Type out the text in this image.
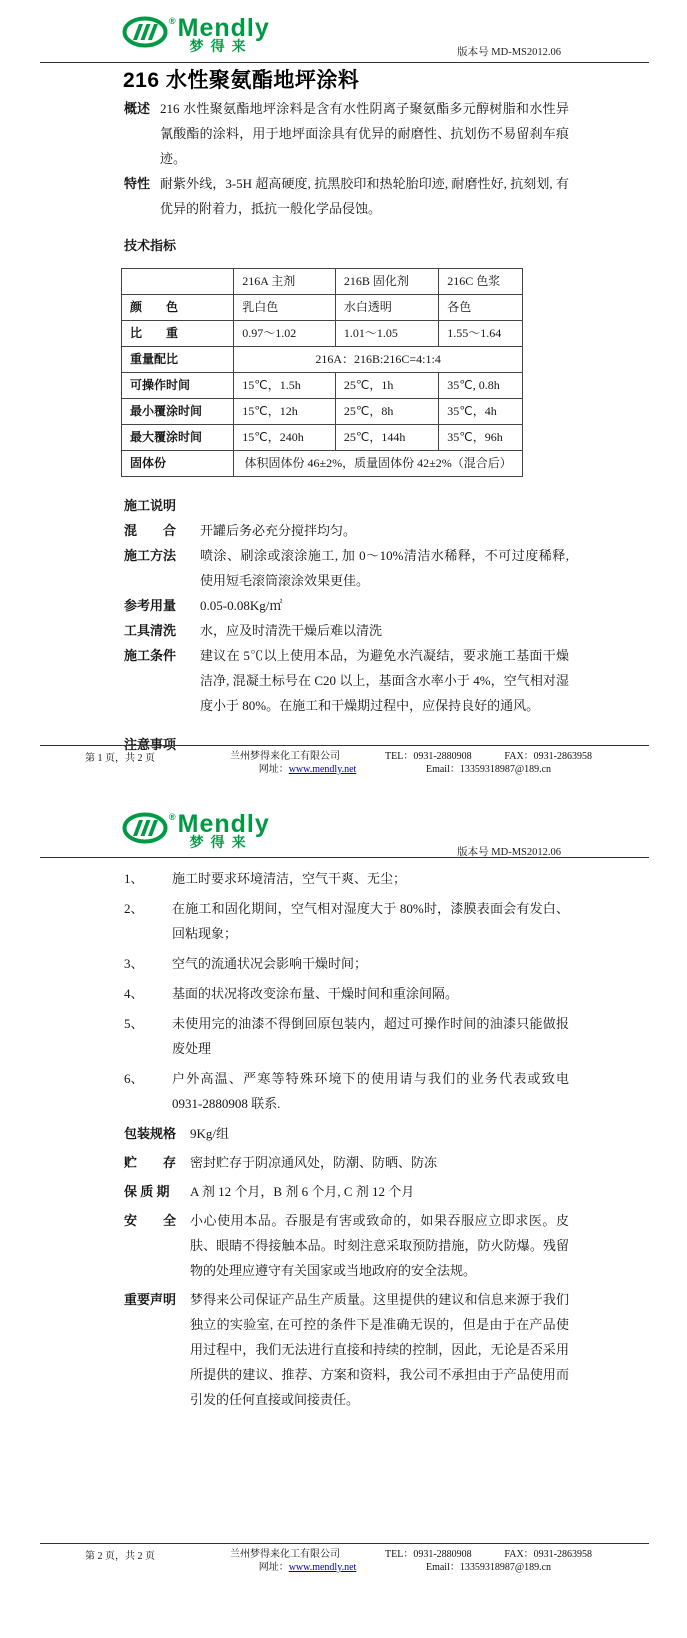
® Mendly
梦得来	版本号 MD-MS2012.06
216 水性聚氨酯地坪涂料
概述 216 水性聚氨酯地坪涂料是含有水性阴离子聚氨酯多元醇树脂和水性异氰酸酯的涂料，用于地坪面涂具有优异的耐磨性、抗划伤不易留刹车痕迹。
特性 耐紫外线，3-5H 超高硬度, 抗黑胶印和热轮胎印迹, 耐磨性好, 抗刻划, 有优异的附着力，抵抗一般化学品侵蚀。
技术指标
	216A 主剂	216B 固化剂	216C 色浆
颜　　色	乳白色	水白透明	各色
比　　重	0.97～1.02	1.01～1.05	1.55～1.64
重量配比	216A：216B:216C=4:1:4		
可操作时间	15℃，1.5h	25℃，1h	35℃, 0.8h
最小覆涂时间	15℃，12h	25℃，8h	35℃，4h
最大覆涂时间	15℃，240h	25℃，144h	35℃，96h
固体份	体积固体份 46±2%，质量固体份 42±2%（混合后）		
施工说明
混　　合	开罐后务必充分搅拌均匀。
施工方法	喷涂、刷涂或滚涂施工, 加 0～10%清洁水稀释，不可过度稀释, 使用短毛滚筒滚涂效果更佳。
参考用量	0.05-0.08Kg/㎡
工具清洗	水，应及时清洗干燥后难以清洗
施工条件	建议在 5℃以上使用本品，为避免水汽凝结，要求施工基面干燥洁净, 混凝土标号在 C20 以上，基面含水率小于 4%，空气相对湿度小于 80%。在施工和干燥期过程中，应保持良好的通风。
注意事项
第 1 页，共 2 页	兰州梦得来化工有限公司
网址：www.mendly.net
TEL：0931-2880908	FAX：0931-2863958
Email：13359318987@189.cn
® Mendly
梦得来
版本号 MD-MS2012.06
1、	施工时要求环境清洁，空气干爽、无尘；
2、	在施工和固化期间，空气相对湿度大于 80%时，漆膜表面会有发白、回粘现象；
3、	空气的流通状况会影响干燥时间；
4、	基面的状况将改变涂布量、干燥时间和重涂间隔。
5、	未使用完的油漆不得倒回原包装内，超过可操作时间的油漆只能做报废处理
6、	户外高温、严寒等特殊环境下的使用请与我们的业务代表或致电 0931-2880908 联系.
包装规格	9Kg/组
贮　　存	密封贮存于阴凉通风处，防潮、防晒、防冻
保 质 期	A 剂 12 个月，B 剂 6 个月, C 剂 12 个月
安　　全	小心使用本品。吞服是有害或致命的，如果吞服应立即求医。皮肤、眼睛不得接触本品。时刻注意采取预防措施，防火防爆。残留物的处理应遵守有关国家或当地政府的安全法规。
重要声明	梦得来公司保证产品生产质量。这里提供的建议和信息来源于我们独立的实验室, 在可控的条件下是准确无误的，但是由于在产品使用过程中，我们无法进行直接和持续的控制，因此，无论是否采用所提供的建议、推荐、方案和资料，我公司不承担由于产品使用而引发的任何直接或间接责任。
第 2 页，共 2 页	兰州梦得来化工有限公司
网址：www.mendly.net
TEL：0931-2880908	FAX：0931-2863958
Email：13359318987@189.cn
